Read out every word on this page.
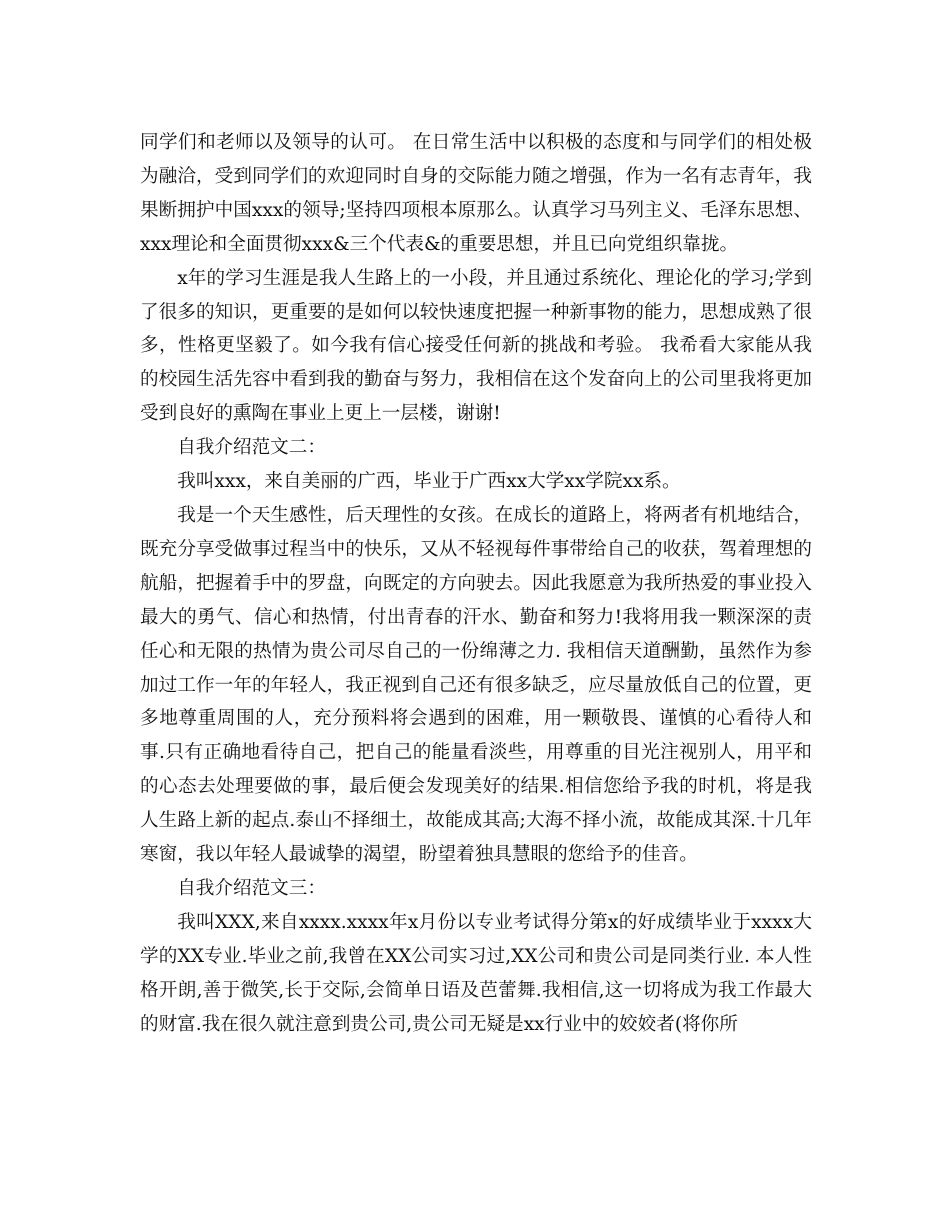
同学们和老师以及领导的认可。 在日常生活中以积极的态度和与同学们的相处极为融洽，受到同学们的欢迎同时自身的交际能力随之增强，作为一名有志青年，我果断拥护中国xxx的领导;坚持四项根本原那么。认真学习马列主义、毛泽东思想、xxx理论和全面贯彻xxx&三个代表&的重要思想，并且已向党组织靠拢。

x年的学习生涯是我人生路上的一小段，并且通过系统化、理论化的学习;学到了很多的知识，更重要的是如何以较快速度把握一种新事物的能力，思想成熟了很多，性格更坚毅了。如今我有信心接受任何新的挑战和考验。 我希看大家能从我的校园生活先容中看到我的勤奋与努力，我相信在这个发奋向上的公司里我将更加受到良好的熏陶在事业上更上一层楼，谢谢!

自我介绍范文二：

我叫xxx，来自美丽的广西，毕业于广西xx大学xx学院xx系。

我是一个天生感性，后天理性的女孩。在成长的道路上，将两者有机地结合，既充分享受做事过程当中的快乐，又从不轻视每件事带给自己的收获，驾着理想的航船，把握着手中的罗盘，向既定的方向驶去。因此我愿意为我所热爱的事业投入最大的勇气、信心和热情，付出青春的汗水、勤奋和努力!我将用我一颗深深的责任心和无限的热情为贵公司尽自己的一份绵薄之力. 我相信天道酬勤，虽然作为参加过工作一年的年轻人，我正视到自己还有很多缺乏，应尽量放低自己的位置，更多地尊重周围的人，充分预料将会遇到的困难，用一颗敬畏、谨慎的心看待人和事.只有正确地看待自己，把自己的能量看淡些，用尊重的目光注视别人，用平和的心态去处理要做的事，最后便会发现美好的结果.相信您给予我的时机，将是我人生路上新的起点.泰山不择细土，故能成其高;大海不择小流，故能成其深.十几年寒窗，我以年轻人最诚挚的渴望，盼望着独具慧眼的您给予的佳音。

自我介绍范文三：

我叫XXX,来自xxxx.xxxx年x月份以专业考试得分第x的好成绩毕业于xxxx大学的XX专业.毕业之前,我曾在XX公司实习过,XX公司和贵公司是同类行业. 本人性格开朗,善于微笑,长于交际,会简单日语及芭蕾舞.我相信,这一切将成为我工作最大的财富.我在很久就注意到贵公司,贵公司无疑是xx行业中的姣姣者(将你所
